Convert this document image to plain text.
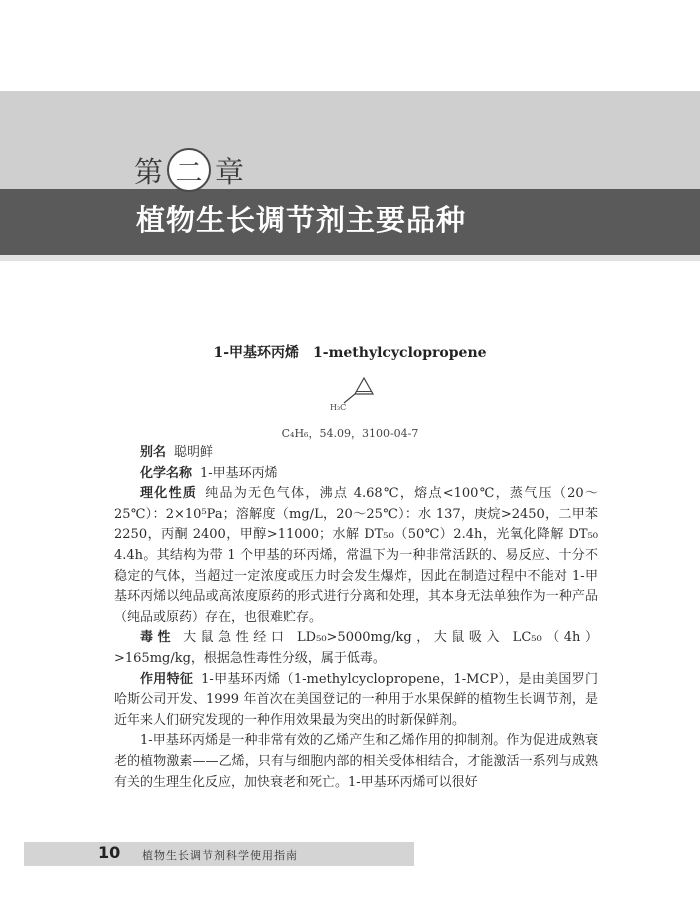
第 二 章
植物生长调节剂主要品种
1-甲基环丙烯 1-methylcyclopropene
H₃C
C₄H₆，54.09，3100-04-7

别名 聪明鲜

化学名称 1-甲基环丙烯

理化性质 纯品为无色气体，沸点 4.68℃，熔点<100℃，蒸气压（20～25℃）：2×10⁵Pa；溶解度（mg/L，20～25℃）：水 137，庚烷>2450，二甲苯 2250，丙酮 2400，甲醇>11000；水解 DT₅₀（50℃）2.4h，光氧化降解 DT₅₀ 4.4h。其结构为带 1 个甲基的环丙烯，常温下为一种非常活跃的、易反应、十分不稳定的气体，当超过一定浓度或压力时会发生爆炸，因此在制造过程中不能对 1-甲基环丙烯以纯品或高浓度原药的形式进行分离和处理，其本身无法单独作为一种产品（纯品或原药）存在，也很难贮存。

毒性 大鼠急性经口 LD₅₀>5000mg/kg，大鼠吸入 LC₅₀（4h）>165mg/kg，根据急性毒性分级，属于低毒。

作用特征 1-甲基环丙烯（1-methylcyclopropene，1-MCP），是由美国罗门哈斯公司开发、1999 年首次在美国登记的一种用于水果保鲜的植物生长调节剂，是近年来人们研究发现的一种作用效果最为突出的时新保鲜剂。

1-甲基环丙烯是一种非常有效的乙烯产生和乙烯作用的抑制剂。作为促进成熟衰老的植物激素——乙烯，只有与细胞内部的相关受体相结合，才能激活一系列与成熟有关的生理生化反应，加快衰老和死亡。1-甲基环丙烯可以很好

10 植物生长调节剂科学使用指南
